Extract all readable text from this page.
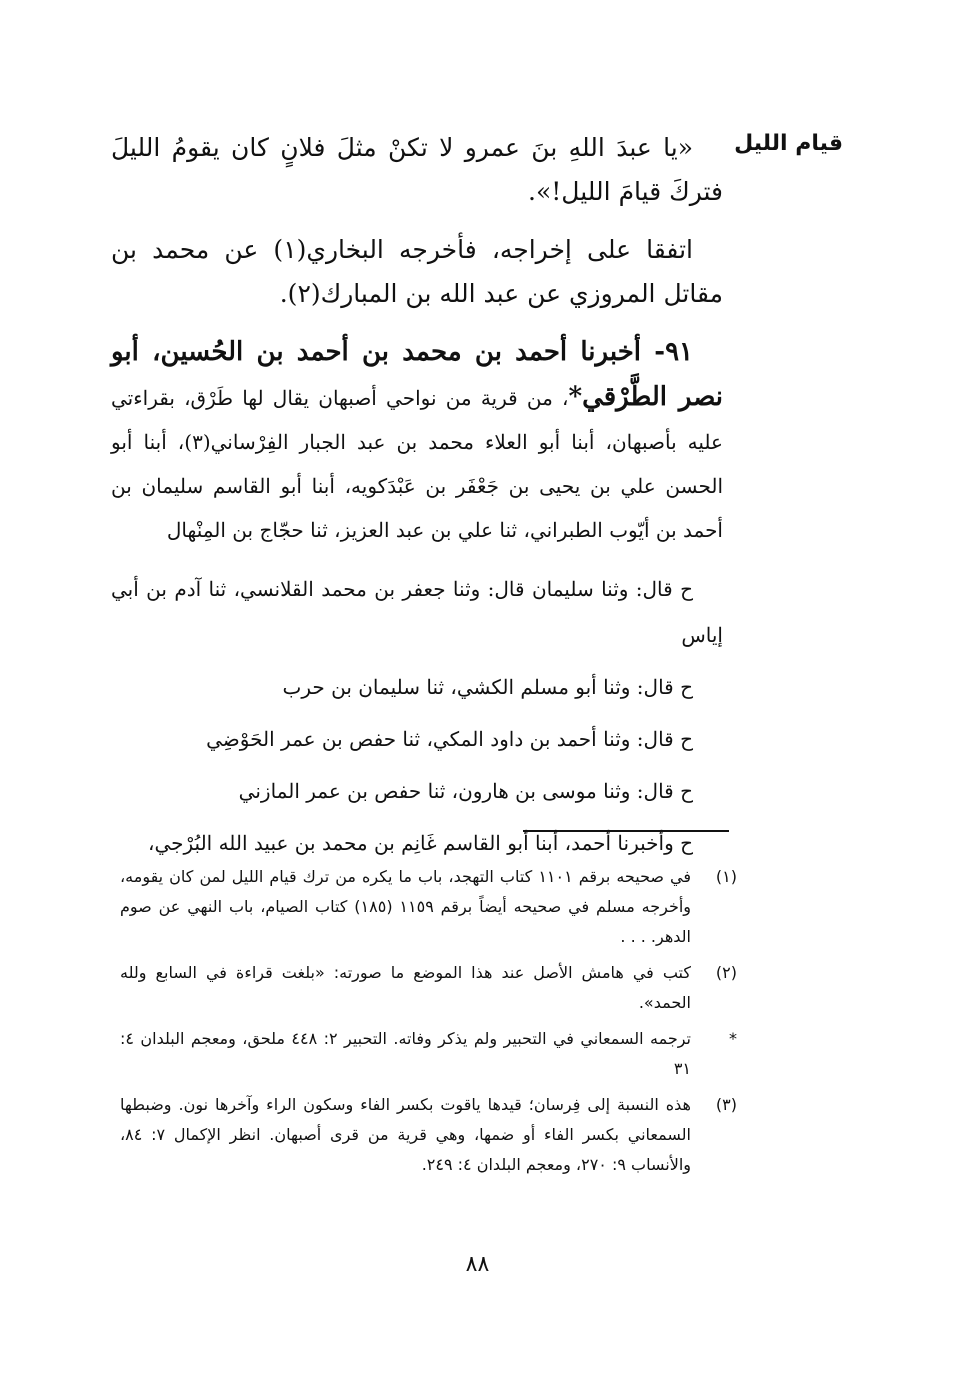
قيام الليل

«يا عبدَ اللهِ بنَ عمرو لا تكنْ مثلَ فلانٍ كان يقومُ الليلَ فتركَ قيامَ الليل!».

اتفقا على إخراجه، فأخرجه البخاري(١) عن محمد بن مقاتل المروزي عن عبد الله بن المبارك(٢).

٩١- أخبرنا أحمد بن محمد بن أحمد بن الحُسين، أبو نصر الطَّرْقي*، من قرية من نواحي أصبهان يقال لها طَرْق، بقراءتي عليه بأصبهان، أبنا أبو العلاء محمد بن عبد الجبار الفِرْساني(٣)، أبنا أبو الحسن علي بن يحيى بن جَعْفَر بن عَبْدَكويه، أبنا أبو القاسم سليمان بن أحمد بن أيّوب الطبراني، ثنا علي بن عبد العزيز، ثنا حجّاج بن المِنْهال

ح قال: وثنا سليمان قال: وثنا جعفر بن محمد القلانسي، ثنا آدم بن أبي إياس

ح قال: وثنا أبو مسلم الكشي، ثنا سليمان بن حرب

ح قال: وثنا أحمد بن داود المكي، ثنا حفص بن عمر الحَوْضِي

ح قال: وثنا موسى بن هارون، ثنا حفص بن عمر المازني

ح وأخبرنا أحمد، أبنا أبو القاسم غَانِم بن محمد بن عبيد الله البُرْجي،

(١)
في صحيحه برقم ١١٠١ كتاب التهجد، باب ما يكره من ترك قيام الليل لمن كان يقومه، وأخرجه مسلم في صحيحه أيضاً برقم ١١٥٩ (١٨٥) كتاب الصيام، باب النهي عن صوم الدهر. . . .
(٢)
كتب في هامش الأصل عند هذا الموضع ما صورته: «بلغت قراءة في السابع ولله الحمد».
*
ترجمه السمعاني في التحبير ولم يذكر وفاته. التحبير ٢: ٤٤٨ ملحق، ومعجم البلدان ٤: ٣١
(٣)
هذه النسبة إلى فِرسان؛ قيدها ياقوت بكسر الفاء وسكون الراء وآخرها نون. وضبطها السمعاني بكسر الفاء أو ضمها، وهي قرية من قرى أصبهان. انظر الإكمال ٧: ٨٤، والأنساب ٩: ٢٧٠، ومعجم البلدان ٤: ٢٤٩.
٨٨
